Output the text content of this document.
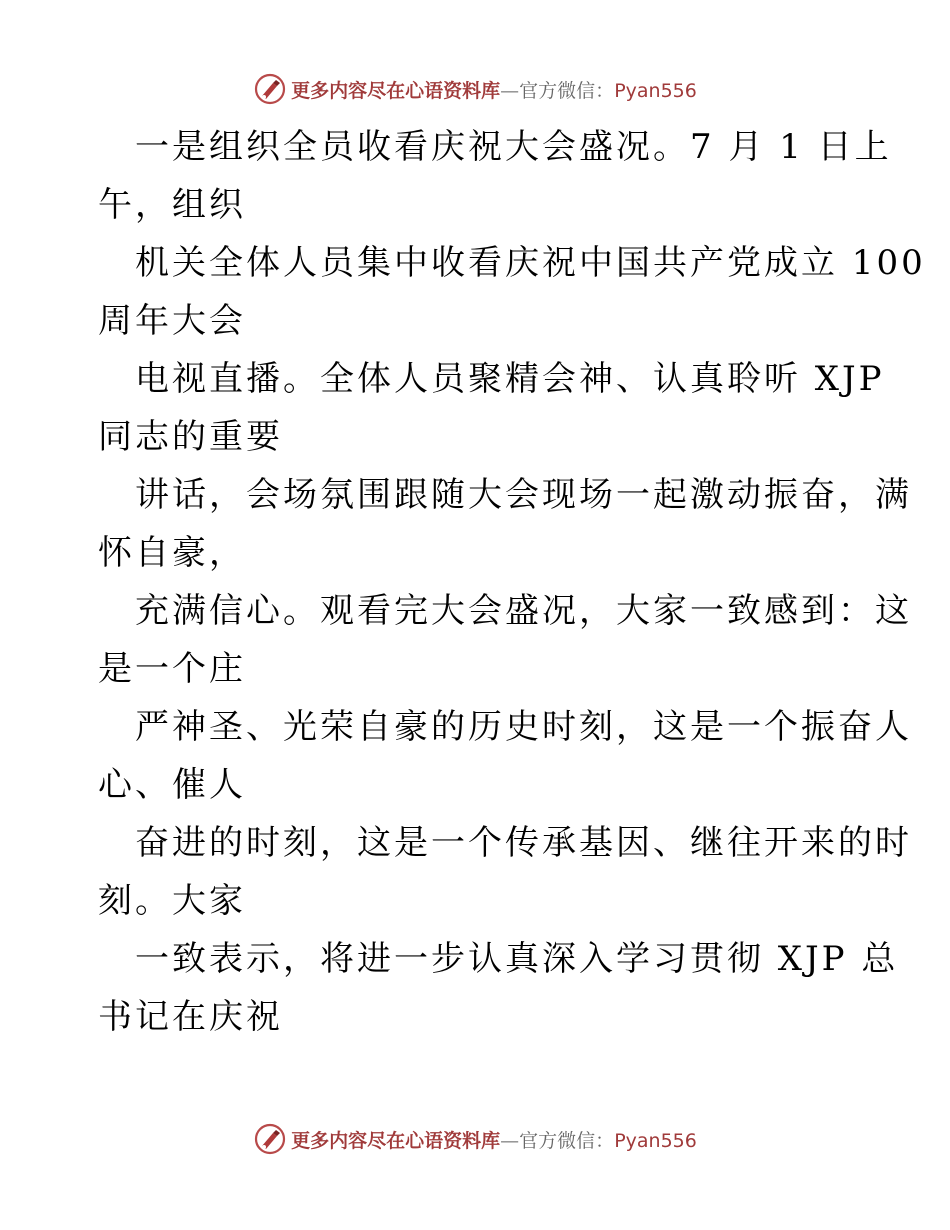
更多内容尽在心语资料库—官方微信：Pyan556
一是组织全员收看庆祝大会盛况。7 月 1 日上
午，组织
机关全体人员集中收看庆祝中国共产党成立 100
周年大会
电视直播。全体人员聚精会神、认真聆听 XJP
同志的重要
讲话，会场氛围跟随大会现场一起激动振奋，满
怀自豪，
充满信心。观看完大会盛况，大家一致感到：这
是一个庄
严神圣、光荣自豪的历史时刻，这是一个振奋人
心、催人
奋进的时刻，这是一个传承基因、继往开来的时
刻。大家
一致表示，将进一步认真深入学习贯彻 XJP 总
书记在庆祝
更多内容尽在心语资料库—官方微信：Pyan556
